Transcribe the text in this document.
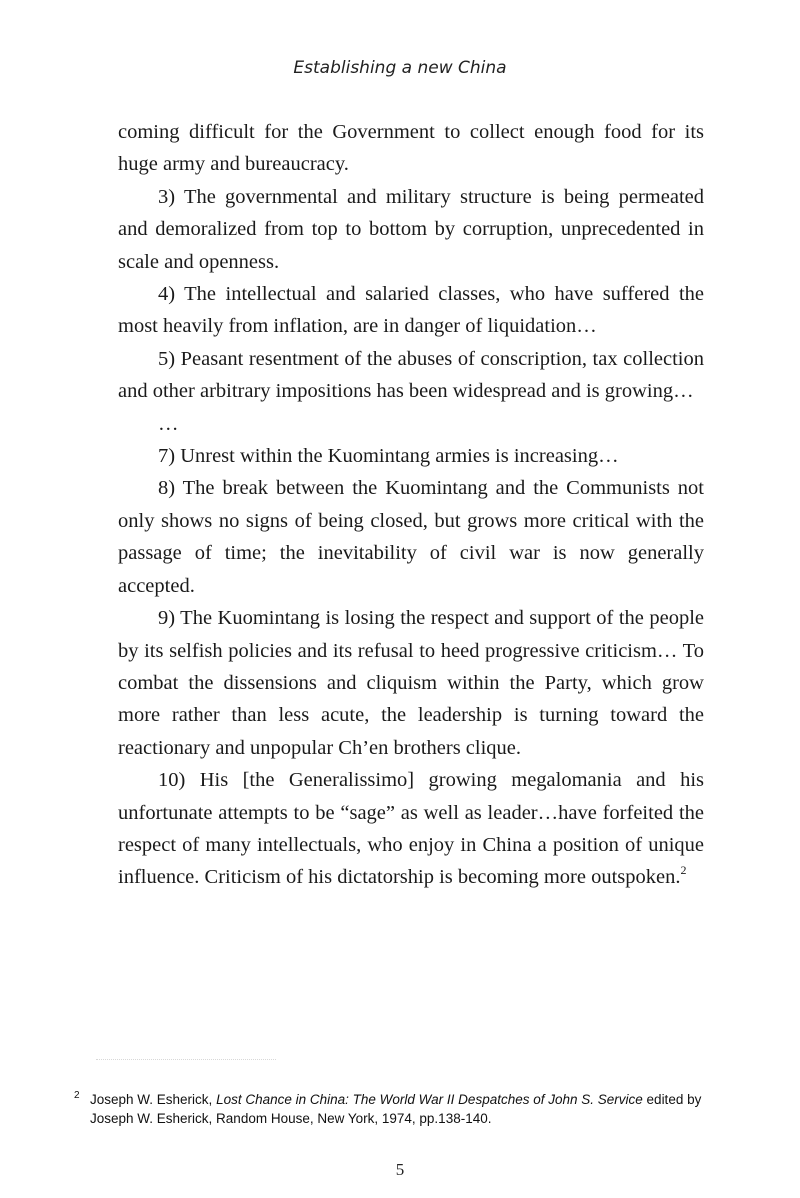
Establishing a new China

coming difficult for the Government to collect enough food for its huge army and bureaucracy.

3) The governmental and military structure is being permeated and demoralized from top to bottom by corruption, unprecedented in scale and openness.

4) The intellectual and salaried classes, who have suffered the most heavily from inflation, are in danger of liquidation…

5) Peasant resentment of the abuses of conscription, tax collection and other arbitrary impositions has been widespread and is growing…

…

7) Unrest within the Kuomintang armies is increasing…

8) The break between the Kuomintang and the Communists not only shows no signs of being closed, but grows more critical with the passage of time; the inevitability of civil war is now generally accepted.

9) The Kuomintang is losing the respect and support of the people by its selfish policies and its refusal to heed progressive criticism… To combat the dissensions and cliquism within the Party, which grow more rather than less acute, the leadership is turning toward the reactionary and unpopular Ch’en brothers clique.

10) His [the Generalissimo] growing megalomania and his unfortunate attempts to be “sage” as well as leader…have forfeited the respect of many intellectuals, who enjoy in China a position of unique influence. Criticism of his dictatorship is becoming more outspoken.$^2$

2 Joseph W. Esherick, Lost Chance in China: The World War II Despatches of John S. Service edited by Joseph W. Esherick, Random House, New York, 1974, pp.138-140.
5
